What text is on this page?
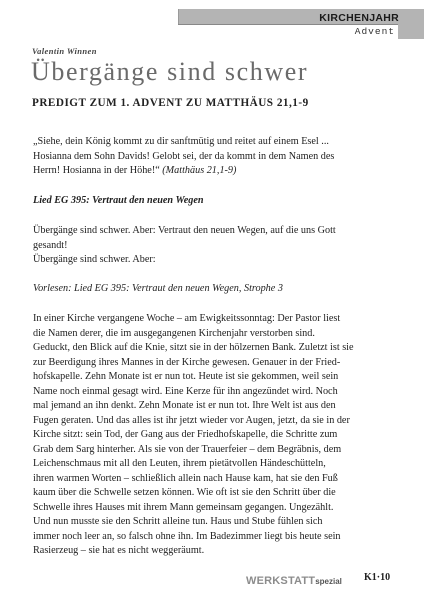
KIRCHENJAHR
Advent
Valentin Winnen
Übergänge sind schwer
PREDIGT ZUM 1. ADVENT ZU MATTHÄUS 21,1-9
„Siehe, dein König kommt zu dir sanftmütig und reitet auf einem Esel ...
Hosianna dem Sohn Davids! Gelobt sei, der da kommt in dem Namen des
Herrn! Hosianna in der Höhe!“ (Matthäus 21,1-9)
Lied EG 395: Vertraut den neuen Wegen
Übergänge sind schwer. Aber: Vertraut den neuen Wegen, auf die uns Gott
gesandt!
Übergänge sind schwer. Aber:
Vorlesen: Lied EG 395: Vertraut den neuen Wegen, Strophe 3
In einer Kirche vergangene Woche – am Ewigkeitssonntag: Der Pastor liest
die Namen derer, die im ausgegangenen Kirchenjahr verstorben sind.
Geduckt, den Blick auf die Knie, sitzt sie in der hölzernen Bank. Zuletzt ist sie
zur Beerdigung ihres Mannes in der Kirche gewesen. Genauer in der Fried-
hofskapelle. Zehn Monate ist er nun tot. Heute ist sie gekommen, weil sein
Name noch einmal gesagt wird. Eine Kerze für ihn angezündet wird. Noch
mal jemand an ihn denkt. Zehn Monate ist er nun tot. Ihre Welt ist aus den
Fugen geraten. Und das alles ist ihr jetzt wieder vor Augen, jetzt, da sie in der
Kirche sitzt: sein Tod, der Gang aus der Friedhofskapelle, die Schritte zum
Grab dem Sarg hinterher. Als sie von der Trauerfeier – dem Begräbnis, dem
Leichenschmaus mit all den Leuten, ihrem pietätvollen Händeschütteln,
ihren warmen Worten – schließlich allein nach Hause kam, hat sie den Fuß
kaum über die Schwelle setzen können. Wie oft ist sie den Schritt über die
Schwelle ihres Hauses mit ihrem Mann gemeinsam gegangen. Ungezählt.
Und nun musste sie den Schritt alleine tun. Haus und Stube fühlen sich
immer noch leer an, so falsch ohne ihn. Im Badezimmer liegt bis heute sein
Rasierzeug – sie hat es nicht weggeräumt.
WERKSTATTspezial K1·10
